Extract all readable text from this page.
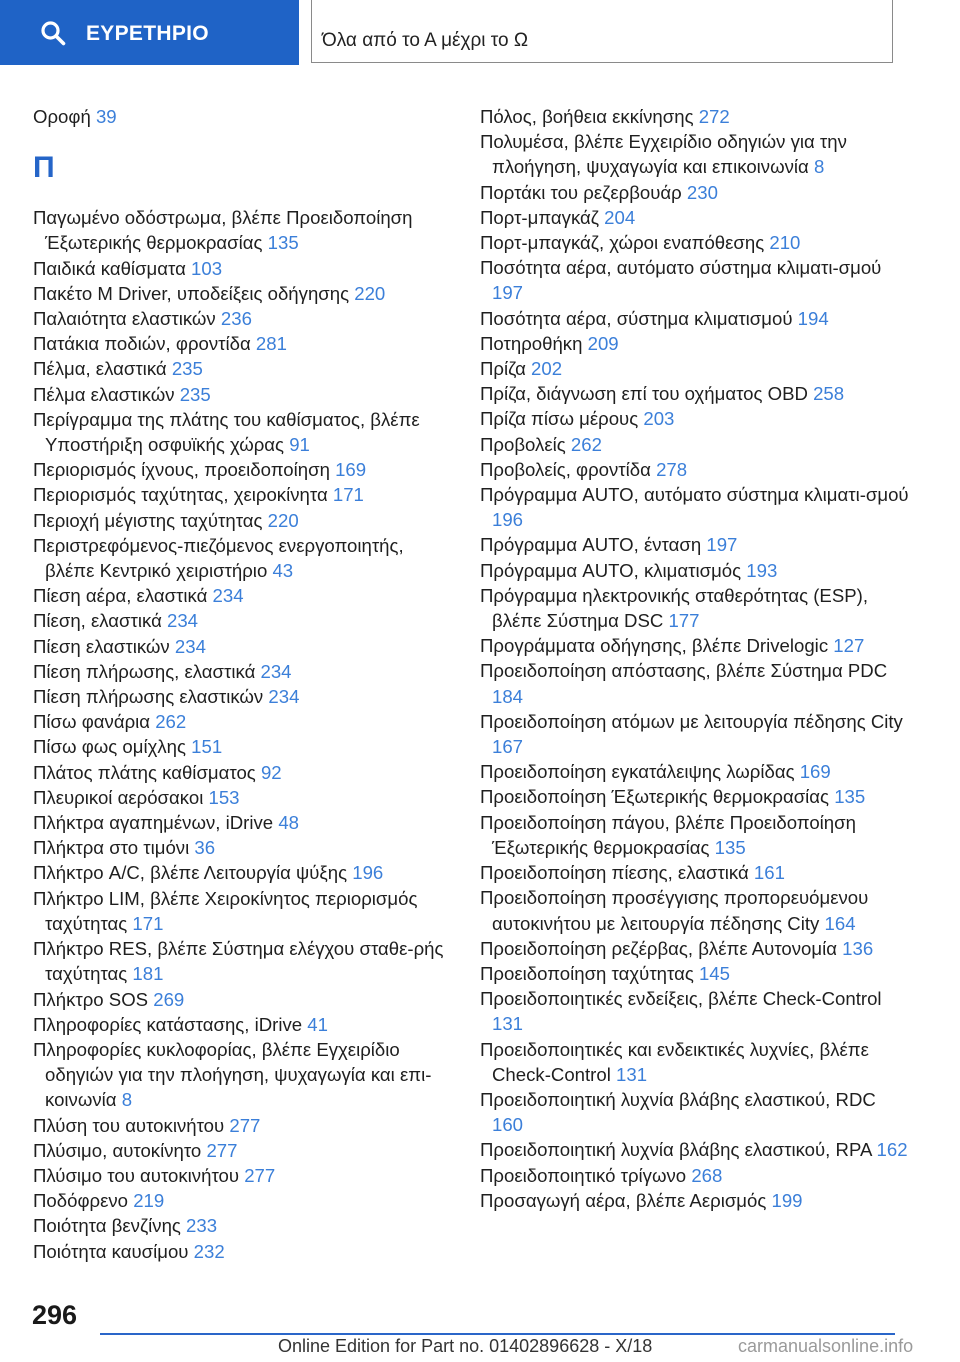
ΕΥΡΕΤΗΡΙΟ	Όλα από το Α μέχρι το Ω
Οροφή 39
Π
Παγωμένο οδόστρωμα, βλέπε Προειδοποίηση Έξωτερικής θερμοκρασίας 135
Παιδικά καθίσματα 103
Πακέτο M Driver, υποδείξεις οδήγησης 220
Παλαιότητα ελαστικών 236
Πατάκια ποδιών, φροντίδα 281
Πέλμα, ελαστικά 235
Πέλμα ελαστικών 235
Περίγραμμα της πλάτης του καθίσματος, βλέπε Υποστήριξη οσφυϊκής χώρας 91
Περιορισμός ίχνους, προειδοποίηση 169
Περιορισμός ταχύτητας, χειροκίνητα 171
Περιοχή μέγιστης ταχύτητας 220
Περιστρεφόμενος-πιεζόμενος ενεργοποιητής, βλέπε Κεντρικό χειριστήριο 43
Πίεση αέρα, ελαστικά 234
Πίεση, ελαστικά 234
Πίεση ελαστικών 234
Πίεση πλήρωσης, ελαστικά 234
Πίεση πλήρωσης ελαστικών 234
Πίσω φανάρια 262
Πίσω φως ομίχλης 151
Πλάτος πλάτης καθίσματος 92
Πλευρικοί αερόσακοι 153
Πλήκτρα αγαπημένων, iDrive 48
Πλήκτρα στο τιμόνι 36
Πλήκτρο A/C, βλέπε Λειτουργία ψύξης 196
Πλήκτρο LIM, βλέπε Χειροκίνητος περιορισμός ταχύτητας 171
Πλήκτρο RES, βλέπε Σύστημα ελέγχου σταθε-ρής ταχύτητας 181
Πλήκτρο SOS 269
Πληροφορίες κατάστασης, iDrive 41
Πληροφορίες κυκλοφορίας, βλέπε Εγχειρίδιο οδηγιών για την πλοήγηση, ψυχαγωγία και επι-κοινωνία 8
Πλύση του αυτοκινήτου 277
Πλύσιμο, αυτοκίνητο 277
Πλύσιμο του αυτοκινήτου 277
Ποδόφρενο 219
Ποιότητα βενζίνης 233
Ποιότητα καυσίμου 232
Πόλος, βοήθεια εκκίνησης 272
Πολυμέσα, βλέπε Εγχειρίδιο οδηγιών για την πλοήγηση, ψυχαγωγία και επικοινωνία 8
Πορτάκι του ρεζερβουάρ 230
Πορτ-μπαγκάζ 204
Πορτ-μπαγκάζ, χώροι εναπόθεσης 210
Ποσότητα αέρα, αυτόματο σύστημα κλιματι-σμού 197
Ποσότητα αέρα, σύστημα κλιματισμού 194
Ποτηροθήκη 209
Πρίζα 202
Πρίζα, διάγνωση επί του οχήματος OBD 258
Πρίζα πίσω μέρους 203
Προβολείς 262
Προβολείς, φροντίδα 278
Πρόγραμμα AUTO, αυτόματο σύστημα κλιματι-σμού 196
Πρόγραμμα AUTO, ένταση 197
Πρόγραμμα AUTO, κλιματισμός 193
Πρόγραμμα ηλεκτρονικής σταθερότητας (ESP), βλέπε Σύστημα DSC 177
Προγράμματα οδήγησης, βλέπε Drivelogic 127
Προειδοποίηση απόστασης, βλέπε Σύστημα PDC 184
Προειδοποίηση ατόμων με λειτουργία πέδησης City 167
Προειδοποίηση εγκατάλειψης λωρίδας 169
Προειδοποίηση Έξωτερικής θερμοκρασίας 135
Προειδοποίηση πάγου, βλέπε Προειδοποίηση Έξωτερικής θερμοκρασίας 135
Προειδοποίηση πίεσης, ελαστικά 161
Προειδοποίηση προσέγγισης προπορευόμενου αυτοκινήτου με λειτουργία πέδησης City 164
Προειδοποίηση ρεζέρβας, βλέπε Αυτονομία 136
Προειδοποίηση ταχύτητας 145
Προειδοποιητικές ενδείξεις, βλέπε Check-Control 131
Προειδοποιητικές και ενδεικτικές λυχνίες, βλέπε Check-Control 131
Προειδοποιητική λυχνία βλάβης ελαστικού, RDC 160
Προειδοποιητική λυχνία βλάβης ελαστικού, RPA 162
Προειδοποιητικό τρίγωνο 268
Προσαγωγή αέρα, βλέπε Αερισμός 199
296
Online Edition for Part no. 01402896628 - X/18	carmanualsonline.info
